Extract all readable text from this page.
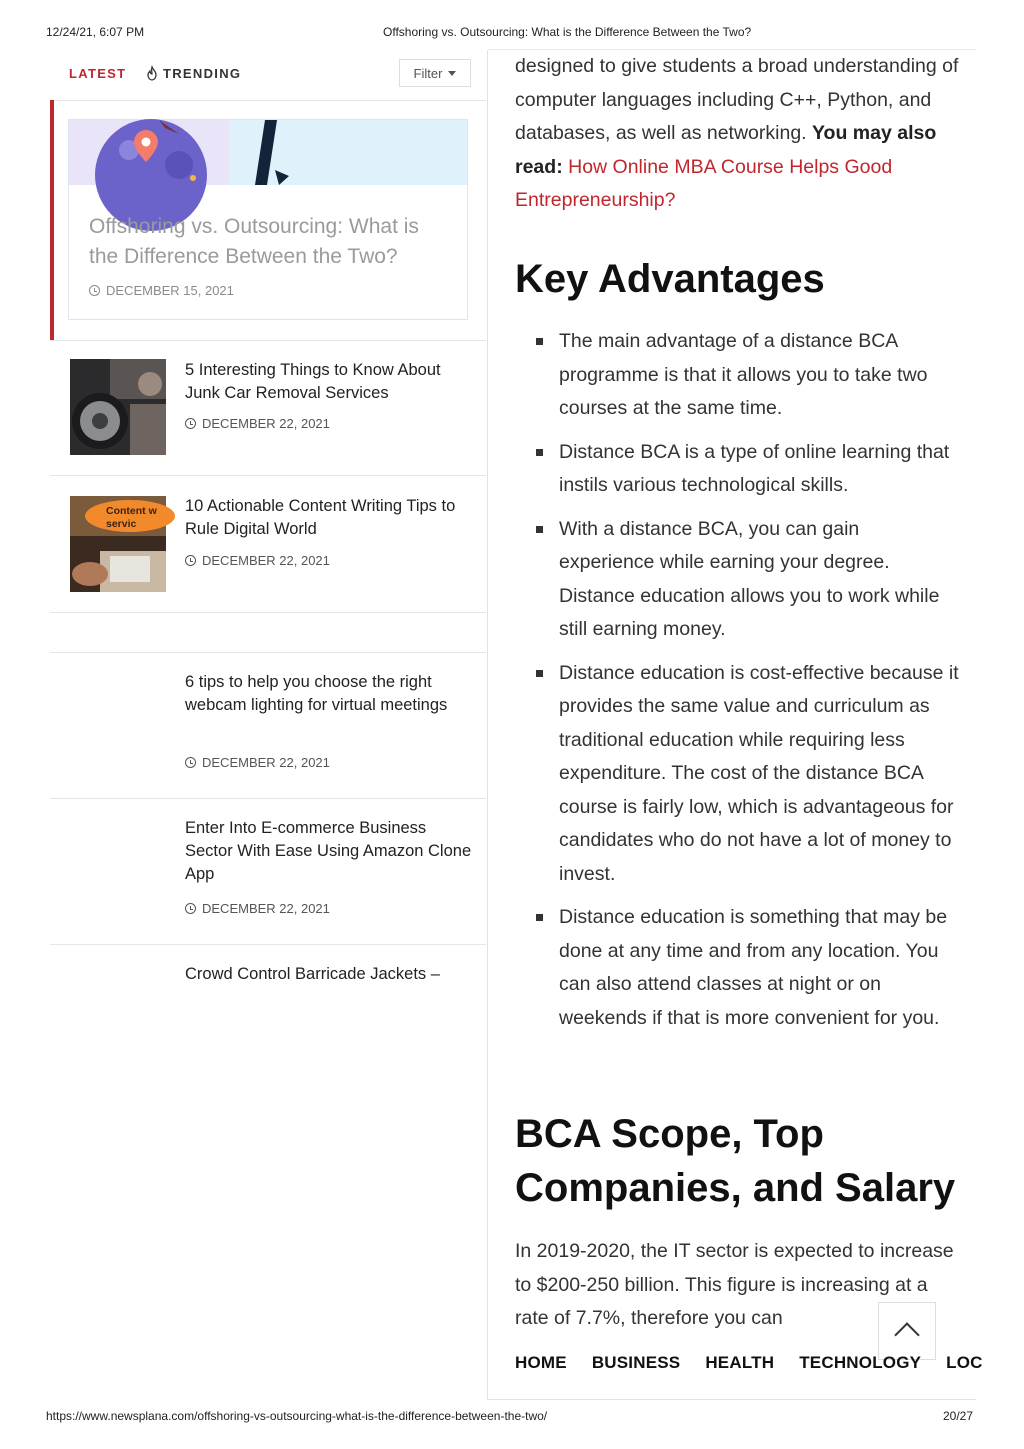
12/24/21, 6:07 PM	Offshoring vs. Outsourcing: What is the Difference Between the Two?
LATEST	TRENDING	Filter
Offshoring vs. Outsourcing: What is the Difference Between the Two?
DECEMBER 15, 2021
5 Interesting Things to Know About Junk Car Removal Services
DECEMBER 22, 2021
Content w servic
10 Actionable Content Writing Tips to Rule Digital World
DECEMBER 22, 2021
6 tips to help you choose the right webcam lighting for virtual meetings
DECEMBER 22, 2021
Enter Into E-commerce Business Sector With Ease Using Amazon Clone App
DECEMBER 22, 2021
Crowd Control Barricade Jackets –
designed to give students a broad understanding of computer languages including C++, Python, and databases, as well as networking. You may also read: How Online MBA Course Helps Good Entrepreneurship?
Key Advantages
The main advantage of a distance BCA programme is that it allows you to take two courses at the same time.
Distance BCA is a type of online learning that instils various technological skills.
With a distance BCA, you can gain experience while earning your degree. Distance education allows you to work while still earning money.
Distance education is cost-effective because it provides the same value and curriculum as traditional education while requiring less expenditure. The cost of the distance BCA course is fairly low, which is advantageous for candidates who do not have a lot of money to invest.
Distance education is something that may be done at any time and from any location. You can also attend classes at night or on weekends if that is more convenient for you.
BCA Scope, Top Companies, and Salary
In 2019-2020, the IT sector is expected to increase to $200-250 billion. This figure is increasing at a rate of 7.7%, therefore you can
HOME BUSINESS HEALTH TECHNOLOGY LOC
https://www.newsplana.com/offshoring-vs-outsourcing-what-is-the-difference-between-the-two/	20/27
